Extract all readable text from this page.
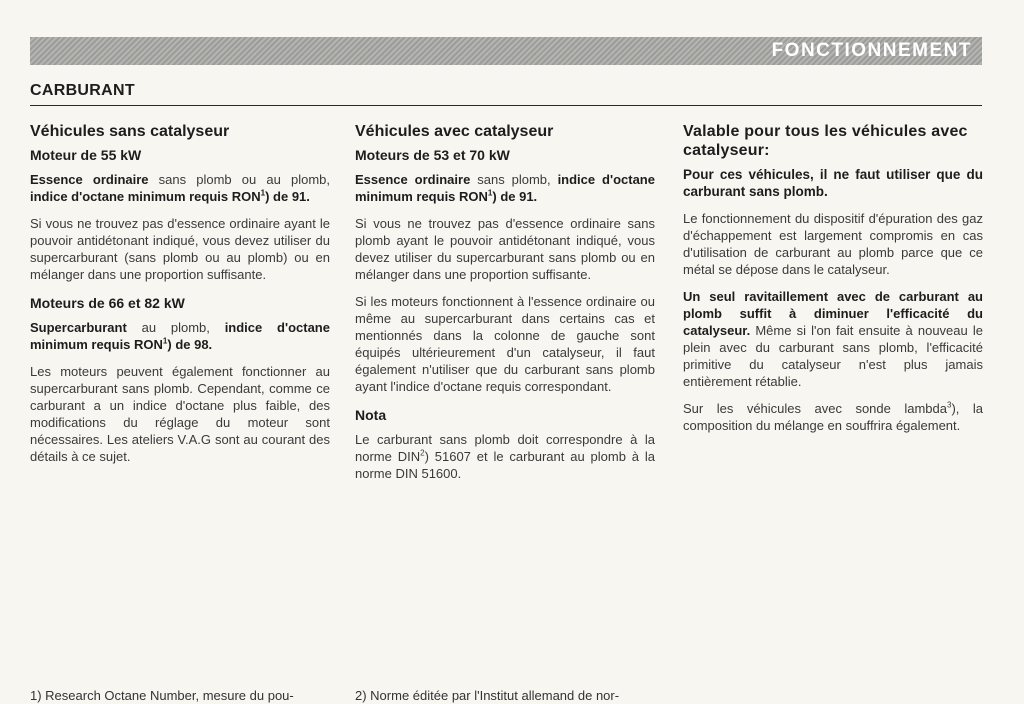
FONCTIONNEMENT
CARBURANT
Véhicules sans catalyseur
Moteur de 55 kW

Essence ordinaire sans plomb ou au plomb, indice d'octane minimum requis RON$^1$) de 91.

Si vous ne trouvez pas d'essence ordinaire ayant le pouvoir antidétonant indiqué, vous devez utiliser du supercarburant (sans plomb ou au plomb) ou en mélanger dans une proportion suffisante.

Moteurs de 66 et 82 kW

Supercarburant au plomb, indice d'octane minimum requis RON$^1$) de 98.

Les moteurs peuvent également fonctionner au supercarburant sans plomb. Cependant, comme ce carburant a un indice d'octane plus faible, des modifications du réglage du moteur sont nécessaires. Les ateliers V.A.G sont au courant des détails à ce sujet.

Véhicules avec catalyseur
Moteurs de 53 et 70 kW

Essence ordinaire sans plomb, indice d'octane minimum requis RON$^1$) de 91.

Si vous ne trouvez pas d'essence ordinaire sans plomb ayant le pouvoir antidétonant indiqué, vous devez utiliser du supercarburant sans plomb ou en mélanger dans une proportion suffisante.

Si les moteurs fonctionnent à l'essence ordinaire ou même au supercarburant dans certains cas et mentionnés dans la colonne de gauche sont équipés ultérieurement d'un catalyseur, il faut également n'utiliser que du carburant sans plomb ayant l'indice d'octane requis correspondant.

Nota

Le carburant sans plomb doit correspondre à la norme DIN$^2$) 51607 et le carburant au plomb à la norme DIN 51600.

Valable pour tous les véhicules avec catalyseur:

Pour ces véhicules, il ne faut utiliser que du carburant sans plomb.

Le fonctionnement du dispositif d'épuration des gaz d'échappement est largement compromis en cas d'utilisation de carburant au plomb parce que ce métal se dépose dans le catalyseur.

Un seul ravitaillement avec de carburant au plomb suffit à diminuer l'efficacité du catalyseur. Même si l'on fait ensuite à nouveau le plein avec du carburant sans plomb, l'efficacité primitive du catalyseur n'est plus jamais entièrement rétablie.

Sur les véhicules avec sonde lambda$^3$), la composition du mélange en souffrira également.

1) Research Octane Number, mesure du pou-	2) Norme éditée par l'Institut allemand de nor-
